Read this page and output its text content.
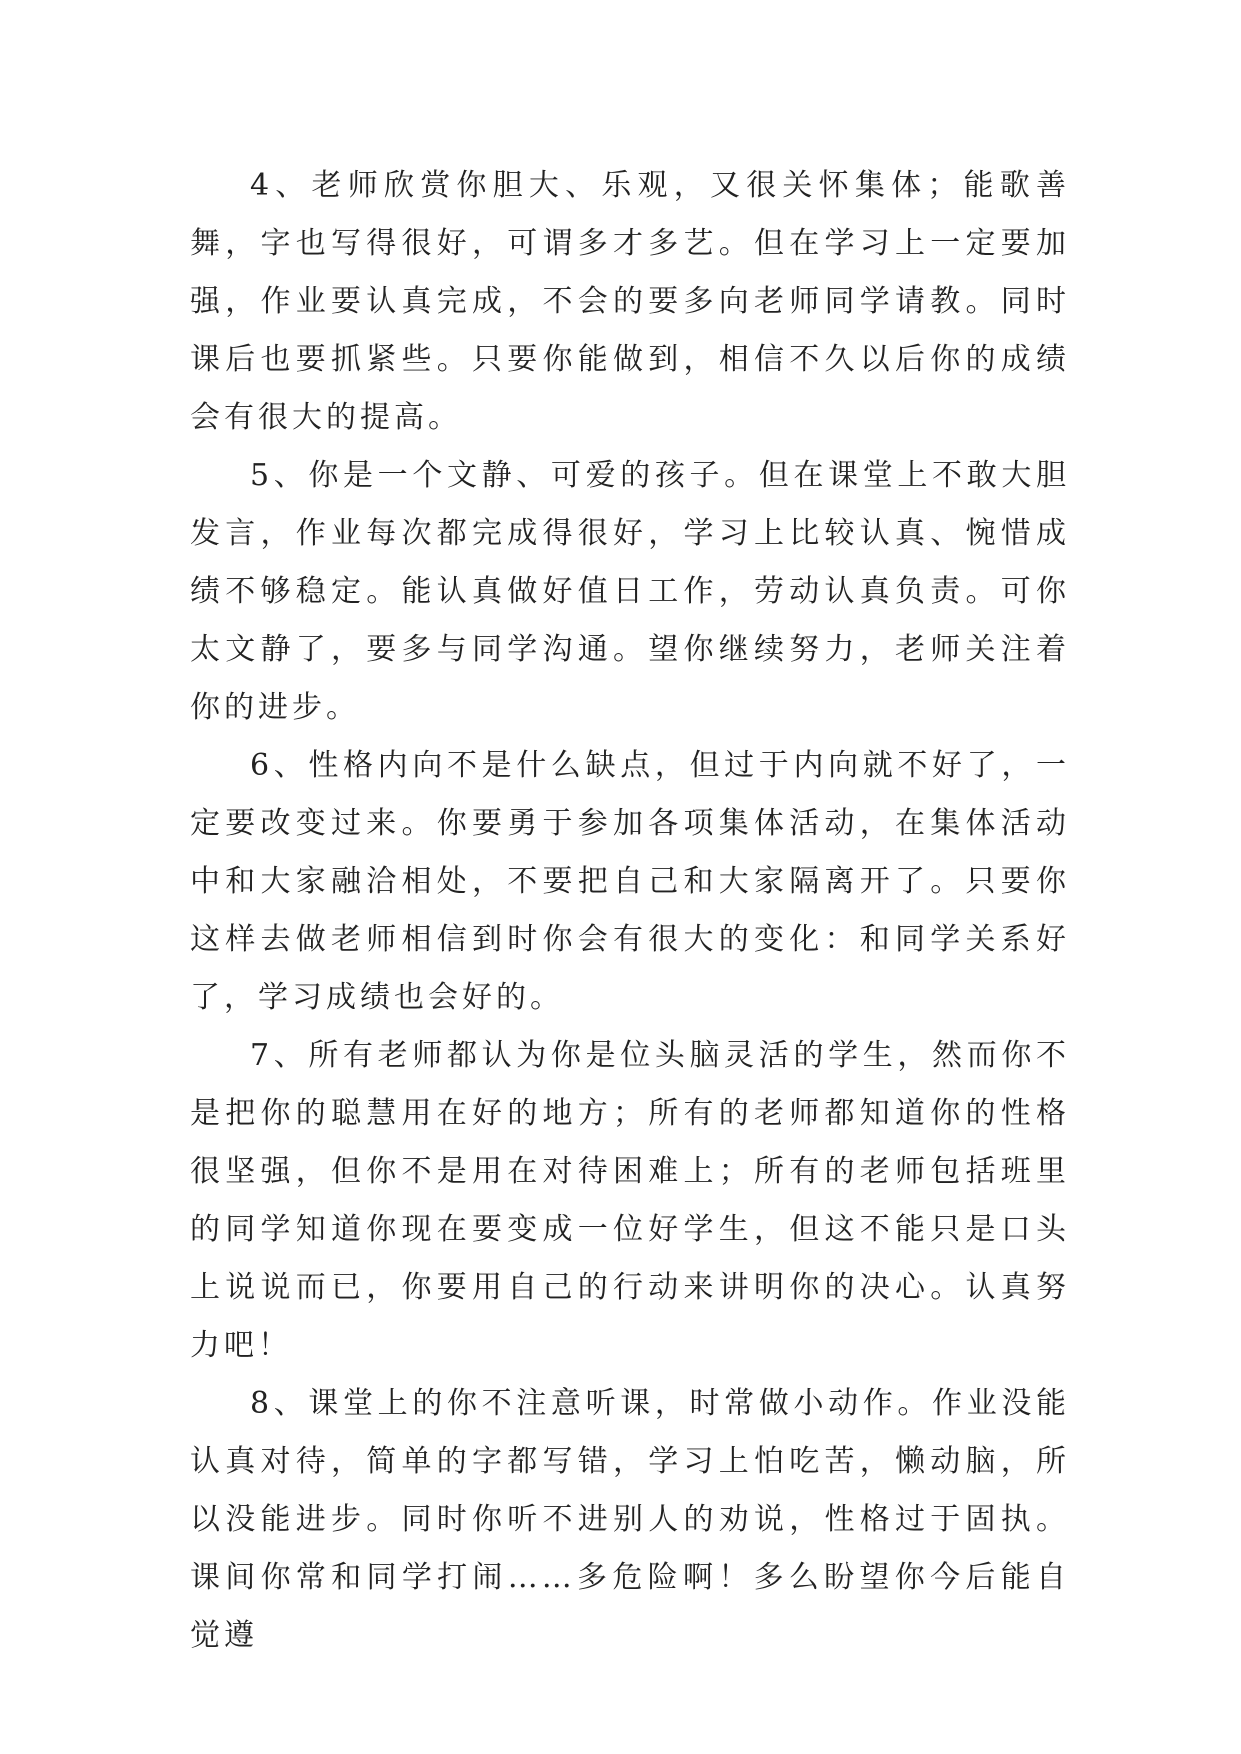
4、老师欣赏你胆大、乐观，又很关怀集体；能歌善舞，字也写得很好，可谓多才多艺。但在学习上一定要加强，作业要认真完成，不会的要多向老师同学请教。同时课后也要抓紧些。只要你能做到，相信不久以后你的成绩会有很大的提高。

5、你是一个文静、可爱的孩子。但在课堂上不敢大胆发言，作业每次都完成得很好，学习上比较认真、惋惜成绩不够稳定。能认真做好值日工作，劳动认真负责。可你太文静了，要多与同学沟通。望你继续努力，老师关注着你的进步。

6、性格内向不是什么缺点，但过于内向就不好了，一定要改变过来。你要勇于参加各项集体活动，在集体活动中和大家融洽相处，不要把自己和大家隔离开了。只要你这样去做老师相信到时你会有很大的变化：和同学关系好了，学习成绩也会好的。

7、所有老师都认为你是位头脑灵活的学生，然而你不是把你的聪慧用在好的地方；所有的老师都知道你的性格很坚强，但你不是用在对待困难上；所有的老师包括班里的同学知道你现在要变成一位好学生，但这不能只是口头上说说而已，你要用自己的行动来讲明你的决心。认真努力吧！

8、课堂上的你不注意听课，时常做小动作。作业没能认真对待，简单的字都写错，学习上怕吃苦，懒动脑，所以没能进步。同时你听不进别人的劝说，性格过于固执。课间你常和同学打闹……多危险啊！多么盼望你今后能自觉遵
